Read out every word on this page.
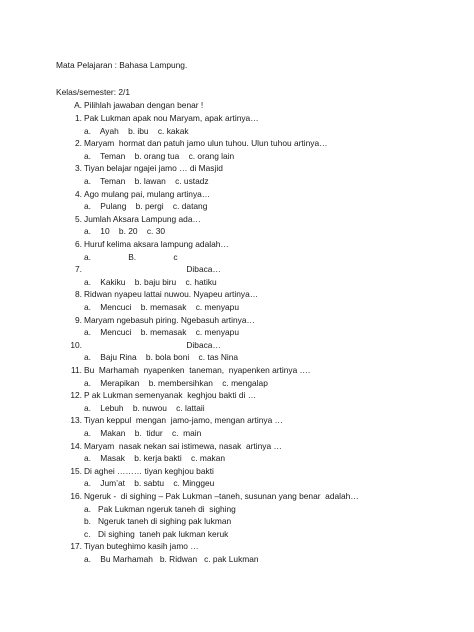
Mata Pelajaran : Bahasa Lampung.
Kelas/semester: 2/1
A. Pilihlah jawaban dengan benar !
1. Pak Lukman apak nou Maryam, apak artinya…
a.    Ayah    b. ibu    c. kakak
2. Maryam  hormat dan patuh jamo ulun tuhou. Ulun tuhou artinya…
a.    Teman    b. orang tua    c. orang lain
3. Tiyan belajar ngajei jamo … di Masjid
a.    Teman    b. lawan    c. ustadz
4. Ago mulang pai, mulang artinya…
a.    Pulang    b. pergi    c. datang
5. Jumlah Aksara Lampung ada…
a.    10    b. 20    c. 30
6. Huruf kelima aksara lampung adalah…
a.                B.                c
7. Dibaca…
a.    Kakiku    b. baju biru    c. hatiku
8. Ridwan nyapeu lattai nuwou. Nyapeu artinya…
a.    Mencuci    b. memasak    c. menyapu
9. Maryam ngebasuh piring. Ngebasuh artinya…
a.    Mencuci    b. memasak    c. menyapu
10. Dibaca…
a.    Baju Rina    b. bola boni    c. tas Nina
11. Bu  Marhamah  nyapenken  taneman,  nyapenken artinya ….
a.    Merapikan    b. membersihkan    c. mengalap
12. P ak Lukman semenyanak  keghjou bakti di …
a.    Lebuh    b. nuwou    c. lattaii
13. Tiyan keppul  mengan  jamo-jamo, mengan artinya …
a.    Makan    b.  tidur    c.  main
14. Maryam  nasak nekan sai istimewa, nasak  artinya …
a.    Masak    b. kerja bakti    c. makan
15. Di aghei ……… tiyan keghjou bakti
a.    Jum’at    b. sabtu    c. Minggeu
16. Ngeruk -  di sighing – Pak Lukman –taneh, susunan yang benar  adalah…
a. Pak Lukman ngeruk taneh di  sighing
b. Ngeruk taneh di sighing pak lukman
c. Di sighing  taneh pak lukman keruk
17. Tiyan buteghimo kasih jamo …
a.    Bu Marhamah   b. Ridwan   c. pak Lukman
